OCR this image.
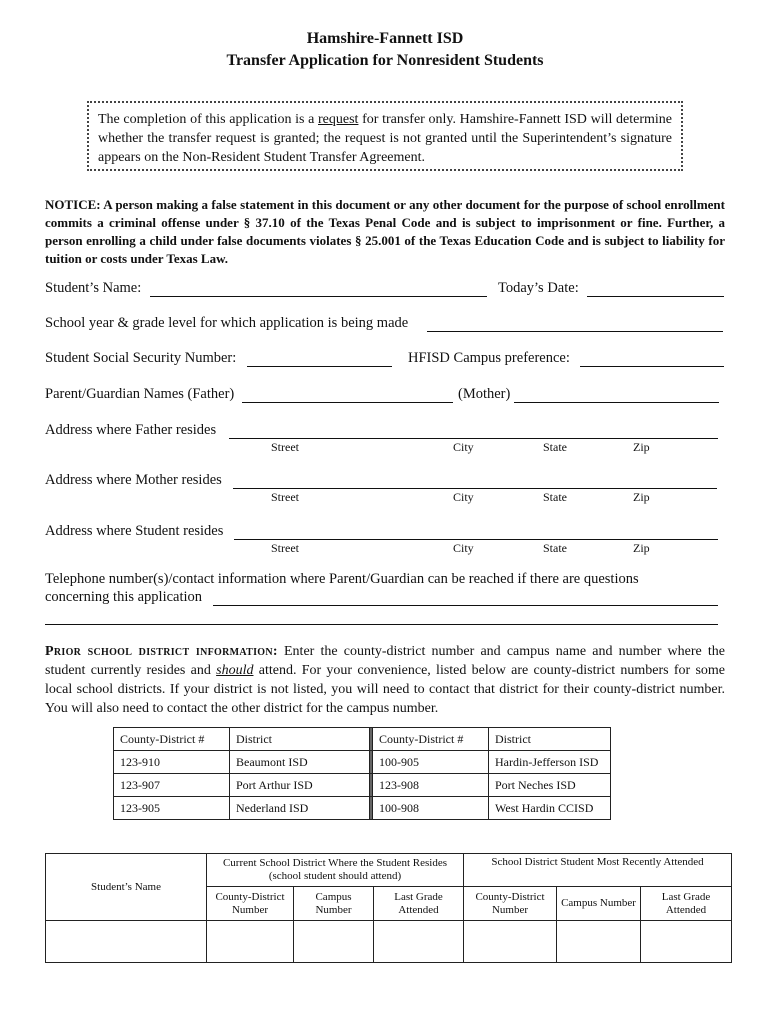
Hamshire-Fannett ISD
Transfer Application for Nonresident Students
The completion of this application is a request for transfer only. Hamshire-Fannett ISD will determine whether the transfer request is granted; the request is not granted until the Superintendent’s signature appears on the Non-Resident Student Transfer Agreement.
NOTICE: A person making a false statement in this document or any other document for the purpose of school enrollment commits a criminal offense under § 37.10 of the Texas Penal Code and is subject to imprisonment or fine. Further, a person enrolling a child under false documents violates § 25.001 of the Texas Education Code and is subject to liability for tuition or costs under Texas Law.
Student’s Name:	Today’s Date:
School year & grade level for which application is being made
Student Social Security Number:	HFISD Campus preference:
Parent/Guardian Names (Father)	(Mother)
Address where Father resides
Street	City	State	Zip
Address where Mother resides
Street	City	State	Zip
Address where Student resides
Street	City	State	Zip
Telephone number(s)/contact information where Parent/Guardian can be reached if there are questions
concerning this application
Prior school district information: Enter the county-district number and campus name and number where the student currently resides and should attend. For your convenience, listed below are county-district numbers for some local school districts. If your district is not listed, you will need to contact that district for their county-district number. You will also need to contact the other district for the campus number.
County-District #	District		County-District #	District
123-910	Beaumont ISD		100-905	Hardin-Jefferson ISD
123-907	Port Arthur ISD		123-908	Port Neches ISD
123-905	Nederland ISD		100-908	West Hardin CCISD
Student’s Name	Current School District Where the Student Resides (school student should attend)			School District Student Most Recently Attended		
	County-District Number	Campus Number	Last Grade Attended	County-District Number	Campus Number	Last Grade Attended
